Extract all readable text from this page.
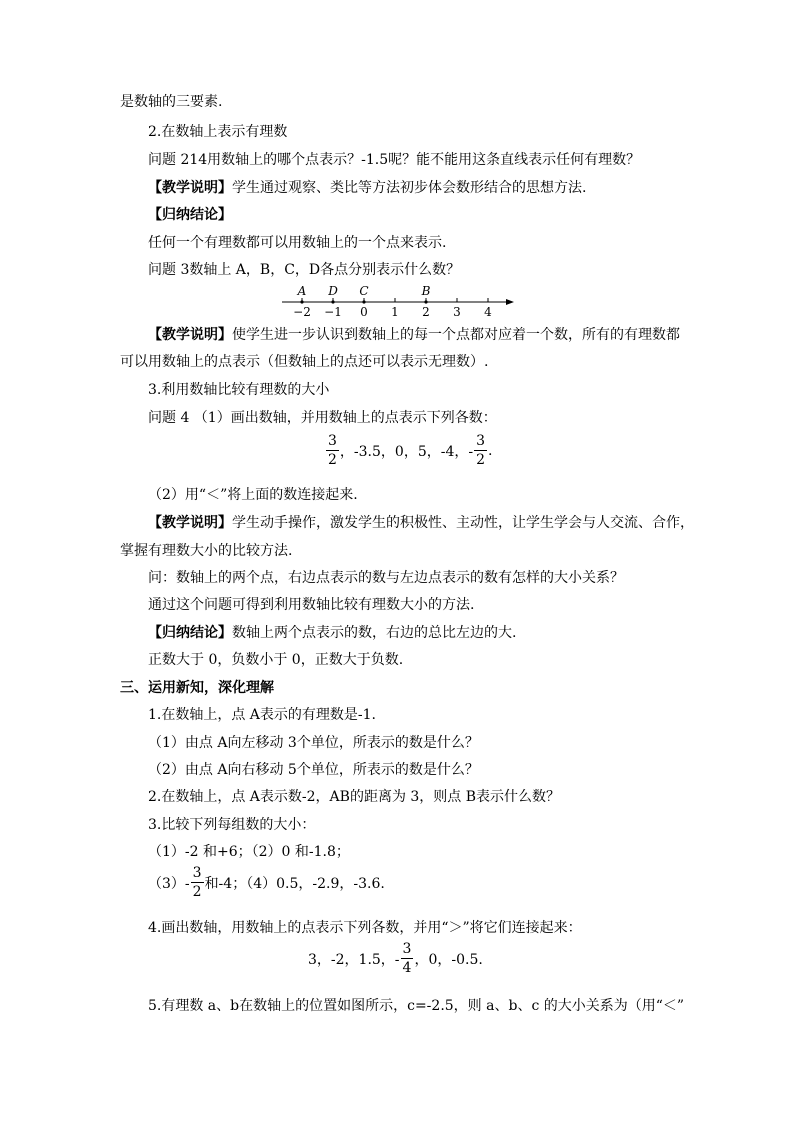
是数轴的三要素.
2.在数轴上表示有理数
问题 214用数轴上的哪个点表示？-1.5呢？能不能用这条直线表示任何有理数？
【教学说明】学生通过观察、类比等方法初步体会数形结合的思想方法.
【归纳结论】
任何一个有理数都可以用数轴上的一个点来表示.
问题 3数轴上 A，B，C，D各点分别表示什么数？
−2 −1 0 1 2 3 4
A D C	B
【教学说明】使学生进一步认识到数轴上的每一个点都对应着一个数，所有的有理数都
可以用数轴上的点表示（但数轴上的点还可以表示无理数）.
3.利用数轴比较有理数的大小
问题 4 （1）画出数轴，并用数轴上的点表示下列各数：
$\frac{3}{2}$ ，-3.5，0，5，-4，- $\frac{3}{2}$ .
（2）用“＜”将上面的数连接起来.
【教学说明】学生动手操作，激发学生的积极性、主动性，让学生学会与人交流、合作，
掌握有理数大小的比较方法.
问：数轴上的两个点，右边点表示的数与左边点表示的数有怎样的大小关系？
通过这个问题可得到利用数轴比较有理数大小的方法.
【归纳结论】数轴上两个点表示的数，右边的总比左边的大.
正数大于 0，负数小于 0，正数大于负数.
三、运用新知，深化理解
1.在数轴上，点 A表示的有理数是-1.
（1）由点 A向左移动 3个单位，所表示的数是什么？
（2）由点 A向右移动 5个单位，所表示的数是什么？
2.在数轴上，点 A表示数-2，AB的距离为 3，则点 B表示什么数？
3.比较下列每组数的大小：
（1）-2 和+6；（2）0 和-1.8；
$(3)- \frac{3}{2}$ 和-4；（4）0.5，-2.9，-3.6.
4.画出数轴，用数轴上的点表示下列各数，并用“＞”将它们连接起来：
3，-2，1.5，- $\frac{3}{4}$ ，0，-0.5.
5.有理数 a、b在数轴上的位置如图所示，c=-2.5，则 a、b、c 的大小关系为（用“＜”
